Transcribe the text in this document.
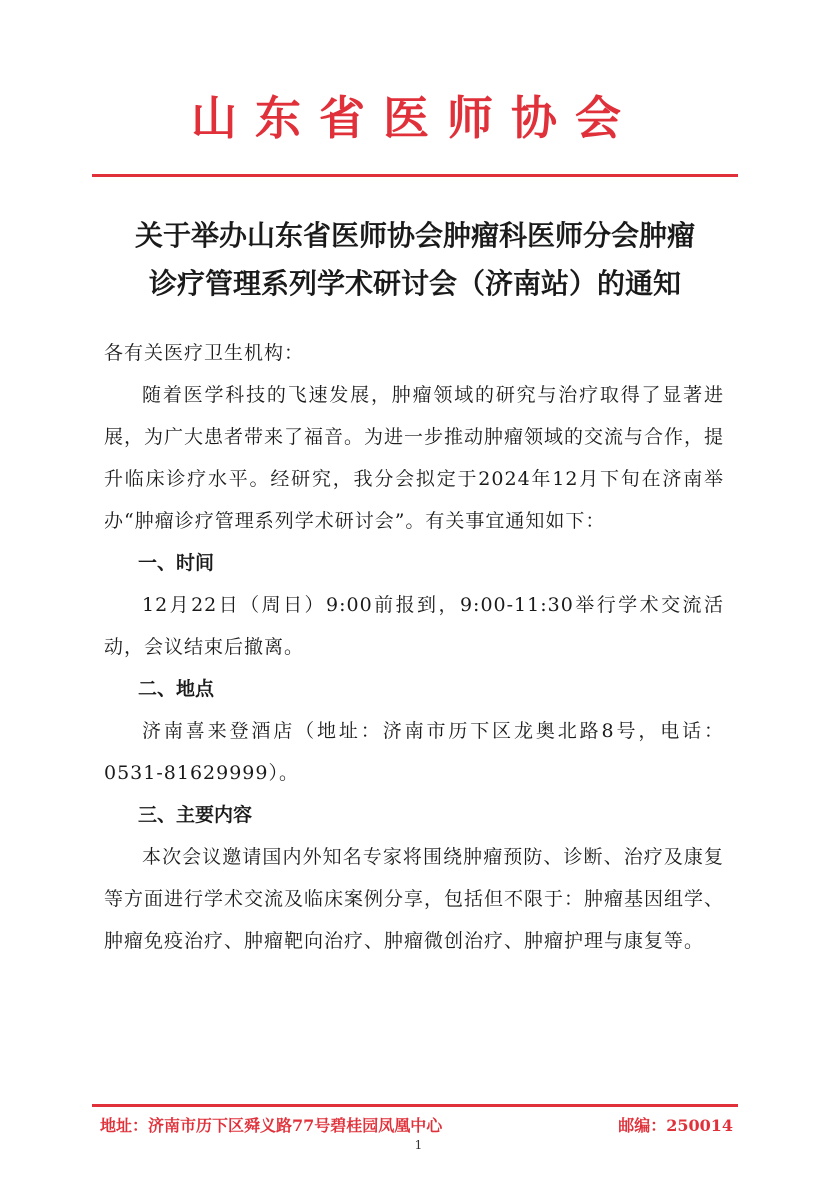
山东省医师协会
关于举办山东省医师协会肿瘤科医师分会肿瘤
诊疗管理系列学术研讨会（济南站）的通知

各有关医疗卫生机构：

随着医学科技的飞速发展，肿瘤领域的研究与治疗取得了显著进展，为广大患者带来了福音。为进一步推动肿瘤领域的交流与合作，提升临床诊疗水平。经研究，我分会拟定于2024年12月下旬在济南举办“肿瘤诊疗管理系列学术研讨会”。有关事宜通知如下：

一、时间

12月22日（周日）9:00前报到，9:00-11:30举行学术交流活动，会议结束后撤离。

二、地点

济南喜来登酒店（地址：济南市历下区龙奥北路8号，电话：0531-81629999）。

三、主要内容

本次会议邀请国内外知名专家将围绕肿瘤预防、诊断、治疗及康复等方面进行学术交流及临床案例分享，包括但不限于：肿瘤基因组学、肿瘤免疫治疗、肿瘤靶向治疗、肿瘤微创治疗、肿瘤护理与康复等。

地址：济南市历下区舜义路77号碧桂园凤凰中心	邮编：250014
1
